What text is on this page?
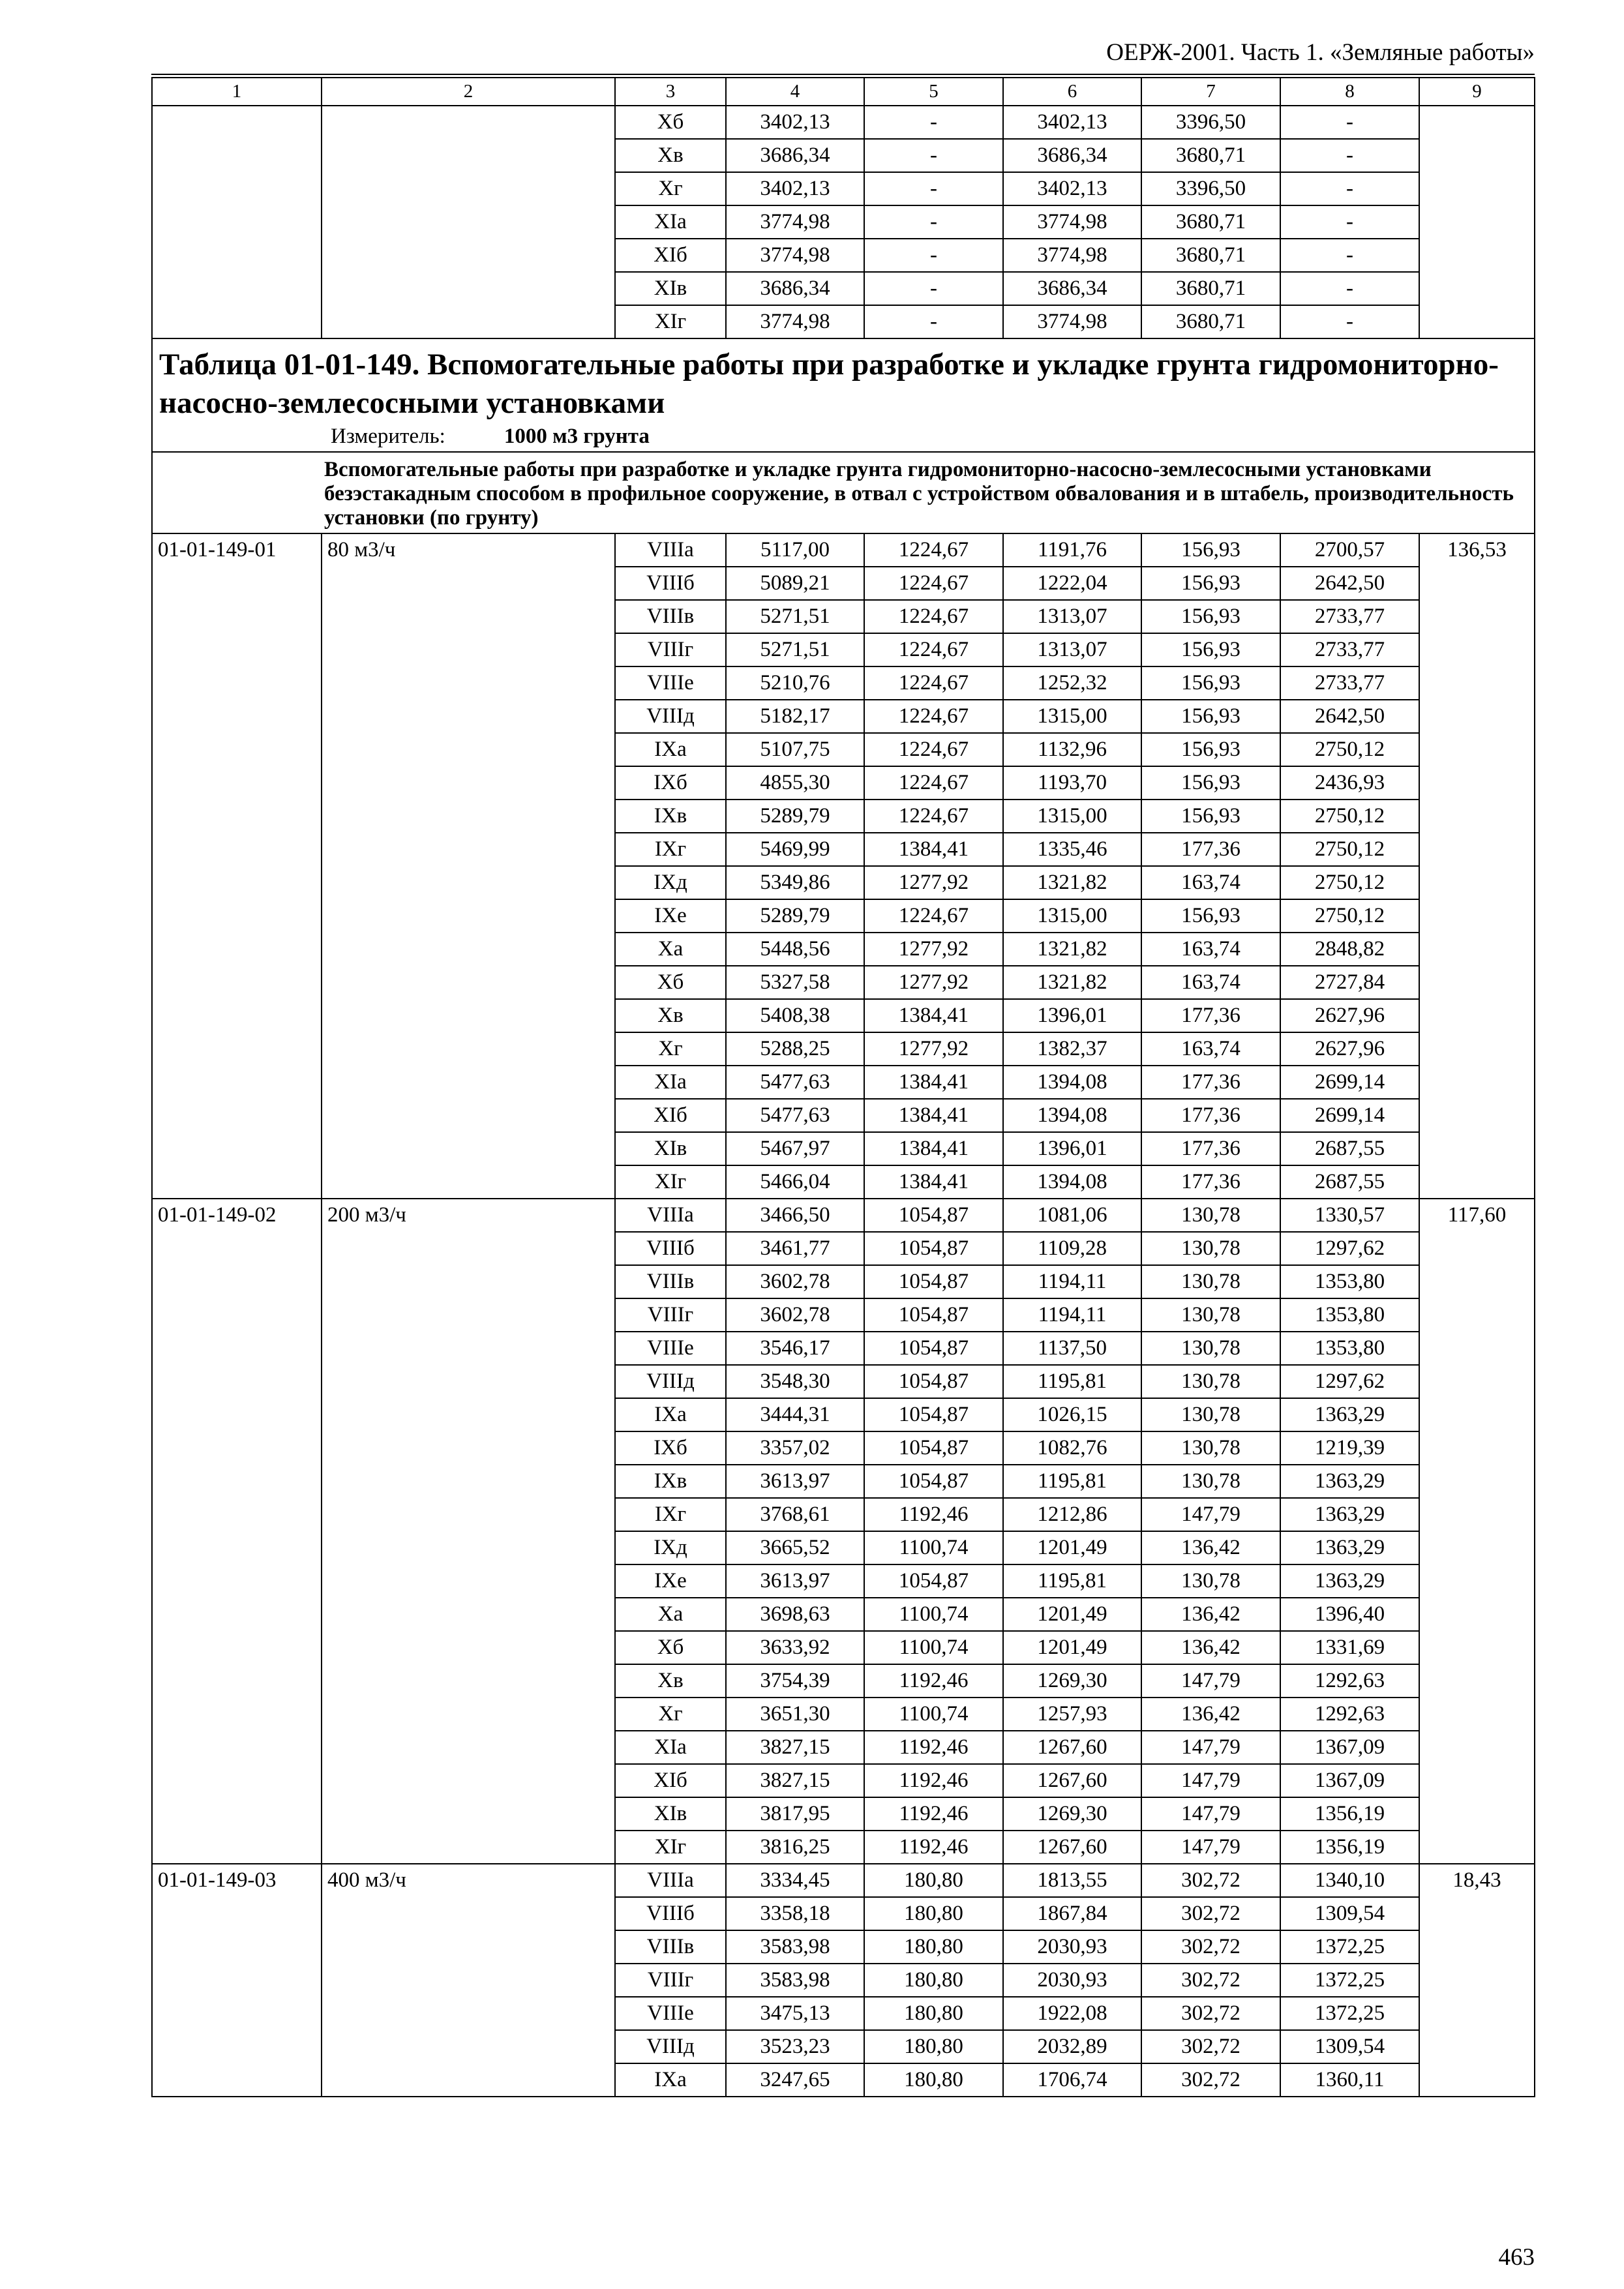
ОЕРЖ-2001. Часть 1. «Земляные работы»
1	2	3	4	5	6	7	8	9
		Xб	3402,13	-	3402,13	3396,50	-	
		Xв	3686,34	-	3686,34	3680,71	-	
		Xг	3402,13	-	3402,13	3396,50	-	
		XIа	3774,98	-	3774,98	3680,71	-	
		XIб	3774,98	-	3774,98	3680,71	-	
		XIв	3686,34	-	3686,34	3680,71	-	
		XIг	3774,98	-	3774,98	3680,71	-	

Таблица 01-01-149. Вспомогательные работы при разработке и укладке грунта гидромониторно-насосно-землесосными установками
Измеритель: 1000 м3 грунта								

Вспомогательные работы при разработке и укладке грунта гидромониторно-насосно-землесосными установками безэстакадным способом в профильное сооружение, в отвал с устройством обвалования и в штабель, производительность установки (по грунту)								
01-01-149-01	80 м3/ч	VIIIа	5117,00	1224,67	1191,76	156,93	2700,57	136,53
		VIIIб	5089,21	1224,67	1222,04	156,93	2642,50	
		VIIIв	5271,51	1224,67	1313,07	156,93	2733,77	
		VIIIг	5271,51	1224,67	1313,07	156,93	2733,77	
		VIIIе	5210,76	1224,67	1252,32	156,93	2733,77	
		VIIIд	5182,17	1224,67	1315,00	156,93	2642,50	
		IXа	5107,75	1224,67	1132,96	156,93	2750,12	
		IXб	4855,30	1224,67	1193,70	156,93	2436,93	
		IXв	5289,79	1224,67	1315,00	156,93	2750,12	
		IXг	5469,99	1384,41	1335,46	177,36	2750,12	
		IXд	5349,86	1277,92	1321,82	163,74	2750,12	
		IXе	5289,79	1224,67	1315,00	156,93	2750,12	
		Xа	5448,56	1277,92	1321,82	163,74	2848,82	
		Xб	5327,58	1277,92	1321,82	163,74	2727,84	
		Xв	5408,38	1384,41	1396,01	177,36	2627,96	
		Xг	5288,25	1277,92	1382,37	163,74	2627,96	
		XIа	5477,63	1384,41	1394,08	177,36	2699,14	
		XIб	5477,63	1384,41	1394,08	177,36	2699,14	
		XIв	5467,97	1384,41	1396,01	177,36	2687,55	
		XIг	5466,04	1384,41	1394,08	177,36	2687,55	
01-01-149-02	200 м3/ч	VIIIа	3466,50	1054,87	1081,06	130,78	1330,57	117,60
		VIIIб	3461,77	1054,87	1109,28	130,78	1297,62	
		VIIIв	3602,78	1054,87	1194,11	130,78	1353,80	
		VIIIг	3602,78	1054,87	1194,11	130,78	1353,80	
		VIIIе	3546,17	1054,87	1137,50	130,78	1353,80	
		VIIIд	3548,30	1054,87	1195,81	130,78	1297,62	
		IXа	3444,31	1054,87	1026,15	130,78	1363,29	
		IXб	3357,02	1054,87	1082,76	130,78	1219,39	
		IXв	3613,97	1054,87	1195,81	130,78	1363,29	
		IXг	3768,61	1192,46	1212,86	147,79	1363,29	
		IXд	3665,52	1100,74	1201,49	136,42	1363,29	
		IXе	3613,97	1054,87	1195,81	130,78	1363,29	
		Xа	3698,63	1100,74	1201,49	136,42	1396,40	
		Xб	3633,92	1100,74	1201,49	136,42	1331,69	
		Xв	3754,39	1192,46	1269,30	147,79	1292,63	
		Xг	3651,30	1100,74	1257,93	136,42	1292,63	
		XIа	3827,15	1192,46	1267,60	147,79	1367,09	
		XIб	3827,15	1192,46	1267,60	147,79	1367,09	
		XIв	3817,95	1192,46	1269,30	147,79	1356,19	
		XIг	3816,25	1192,46	1267,60	147,79	1356,19	
01-01-149-03	400 м3/ч	VIIIа	3334,45	180,80	1813,55	302,72	1340,10	18,43
		VIIIб	3358,18	180,80	1867,84	302,72	1309,54	
		VIIIв	3583,98	180,80	2030,93	302,72	1372,25	
		VIIIг	3583,98	180,80	2030,93	302,72	1372,25	
		VIIIе	3475,13	180,80	1922,08	302,72	1372,25	
		VIIIд	3523,23	180,80	2032,89	302,72	1309,54	
		IXа	3247,65	180,80	1706,74	302,72	1360,11	
463
